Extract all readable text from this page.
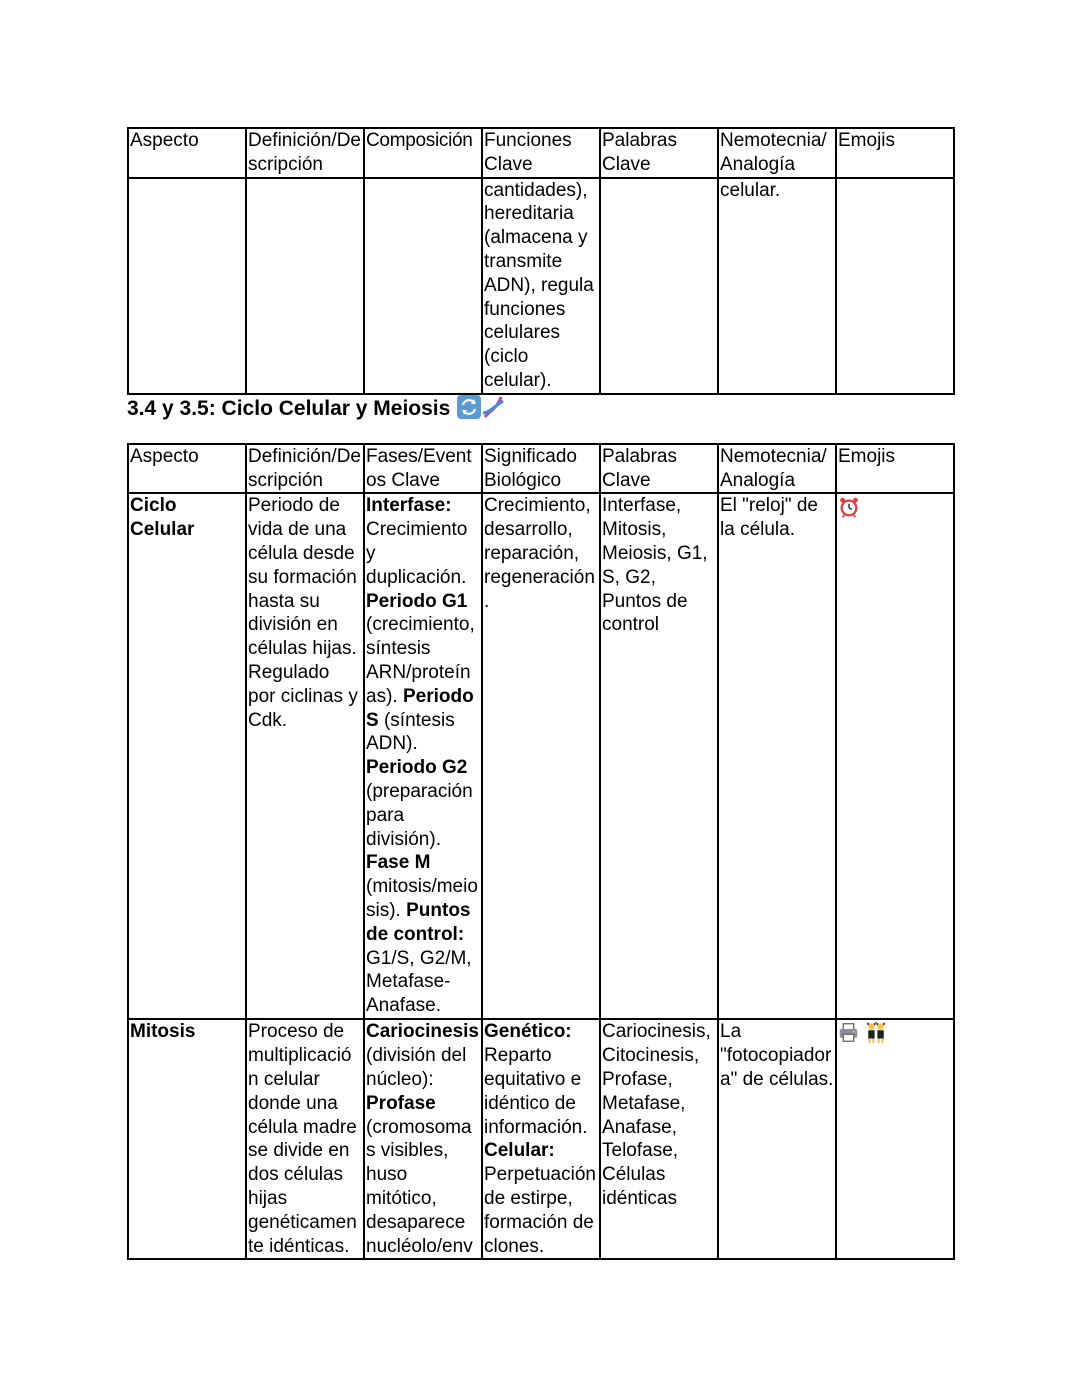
Aspecto	Definición/Descripción	Composición	Funciones Clave	Palabras Clave	Nemotecnia/ Analogía	Emojis
			cantidades), hereditaria (almacena y transmite ADN), regula funciones celulares (ciclo celular).		celular.	
3.4 y 3.5: Ciclo Celular y Meiosis
Aspecto	Definición/Descripción	Fases/Eventos Clave	Significado Biológico	Palabras Clave	Nemotecnia/ Analogía	Emojis
Ciclo Celular	Periodo de vida de una célula desde su formación hasta su división en células hijas. Regulado por ciclinas y Cdk.	Interfase: Crecimiento y duplicación. Periodo G1 (crecimiento, síntesis ARN/proteínas). Periodo S (síntesis ADN). Periodo G2 (preparación para división). Fase M (mitosis/meiosis). Puntos de control: G1/S, G2/M, Metafase-Anafase.	Crecimiento, desarrollo, reparación, regeneración.	Interfase, Mitosis, Meiosis, G1, S, G2, Puntos de control	El "reloj" de la célula.	
Mitosis	Proceso de multiplicación celular donde una célula madre se divide en dos células hijas genéticamente idénticas.	Cariocinesis (división del núcleo): Profase (cromosomas visibles, huso mitótico, desaparece nucléolo/env	Genético: Reparto equitativo e idéntico de información. Celular: Perpetuación de estirpe, formación de clones.	Cariocinesis, Citocinesis, Profase, Metafase, Anafase, Telofase, Células idénticas	La "fotocopiadora" de células.	
